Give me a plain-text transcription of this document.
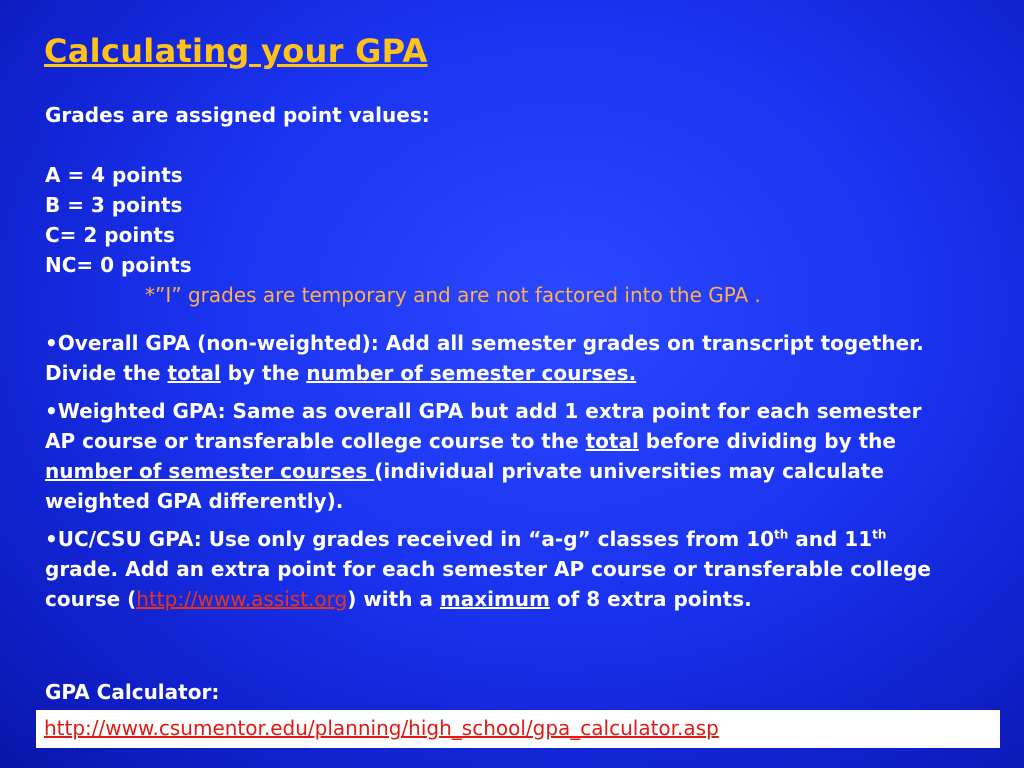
Calculating your GPA
Grades are assigned point values:
A = 4 points
B = 3 points
C= 2 points
NC= 0 points
*”I” grades are temporary and are not factored into the GPA .
•Overall GPA (non-weighted): Add all semester grades on transcript together. Divide the total by the number of semester courses.
•Weighted GPA: Same as overall GPA but add 1 extra point for each semester AP course or transferable college course to the total before dividing by the number of semester courses (individual private universities may calculate weighted GPA differently).
•UC/CSU GPA: Use only grades received in “a-g” classes from 10th and 11th grade. Add an extra point for each semester AP course or transferable college course (http://www.assist.org) with a maximum of 8 extra points.
GPA Calculator:
http://www.csumentor.edu/planning/high_school/gpa_calculator.asp
